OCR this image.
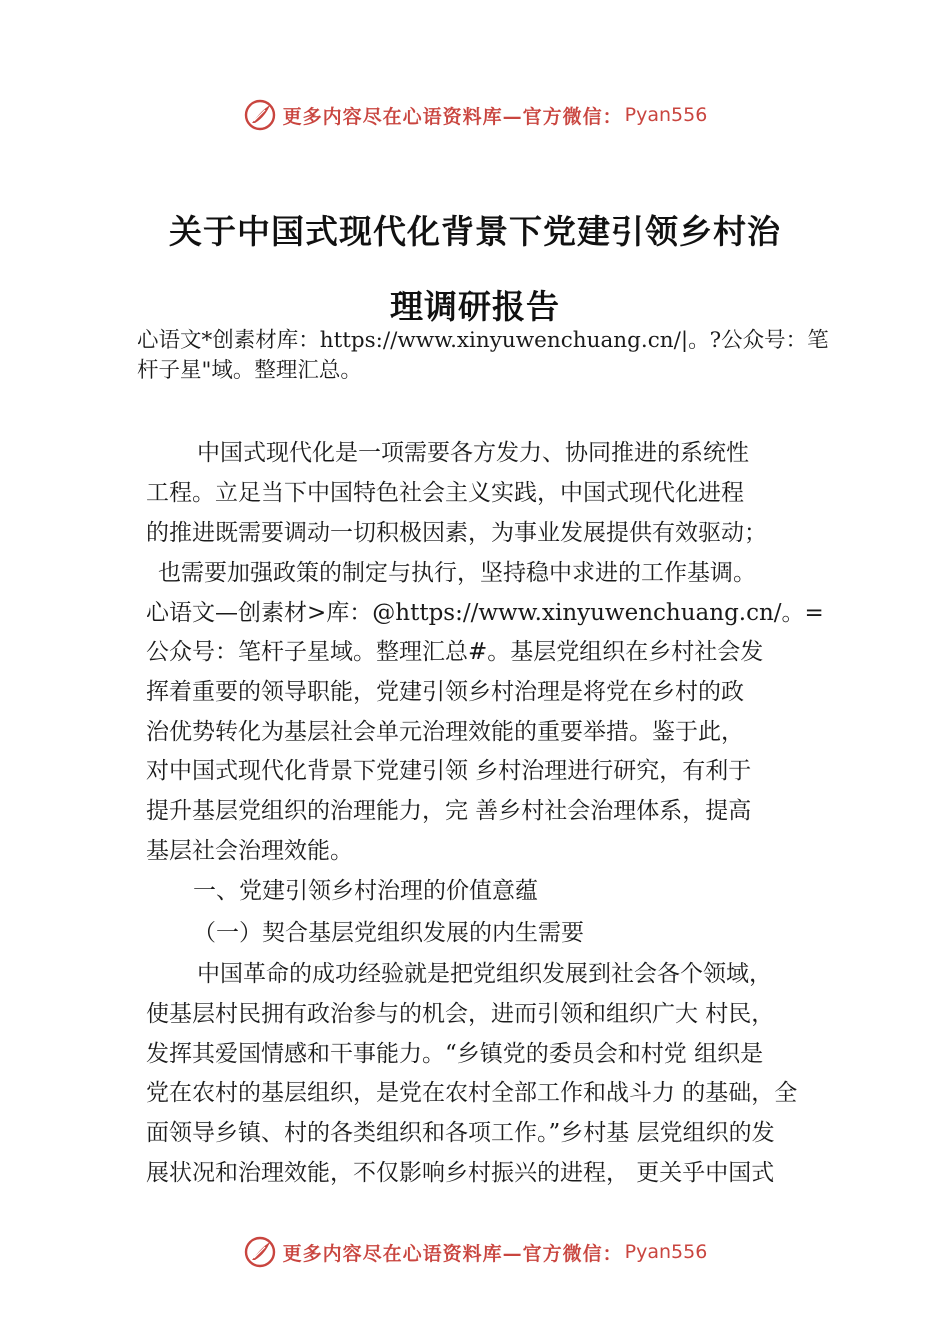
更多内容尽在心语资料库—官方微信： Pyan556
关于中国式现代化背景下党建引领乡村治
理调研报告

心语文*创素材库：https://www.xinyuwenchuang.cn/|。?公众号：笔杆子星"域。整理汇总。

中国式现代化是一项需要各方发力、协同推进的系统性

工程。立足当下中国特色社会主义实践，中国式现代化进程

的推进既需要调动一切积极因素，为事业发展提供有效驱动；

也需要加强政策的制定与执行，坚持稳中求进的工作基调。

心语文—创素材>库：@https://www.xinyuwenchuang.cn/。=

公众号：笔杆子星域。整理汇总#。基层党组织在乡村社会发

挥着重要的领导职能，党建引领乡村治理是将党在乡村的政

治优势转化为基层社会单元治理效能的重要举措。鉴于此，

对中国式现代化背景下党建引领 乡村治理进行研究，有利于

提升基层党组织的治理能力，完 善乡村社会治理体系，提高

基层社会治理效能。

一、党建引领乡村治理的价值意蕴

（一）契合基层党组织发展的内生需要

中国革命的成功经验就是把党组织发展到社会各个领域，

使基层村民拥有政治参与的机会，进而引领和组织广大 村民，

发挥其爱国情感和干事能力。“乡镇党的委员会和村党 组织是

党在农村的基层组织，是党在农村全部工作和战斗力 的基础，全

面领导乡镇、村的各类组织和各项工作。”乡村基 层党组织的发

展状况和治理效能，不仅影响乡村振兴的进程， 更关乎中国式

更多内容尽在心语资料库—官方微信： Pyan556
